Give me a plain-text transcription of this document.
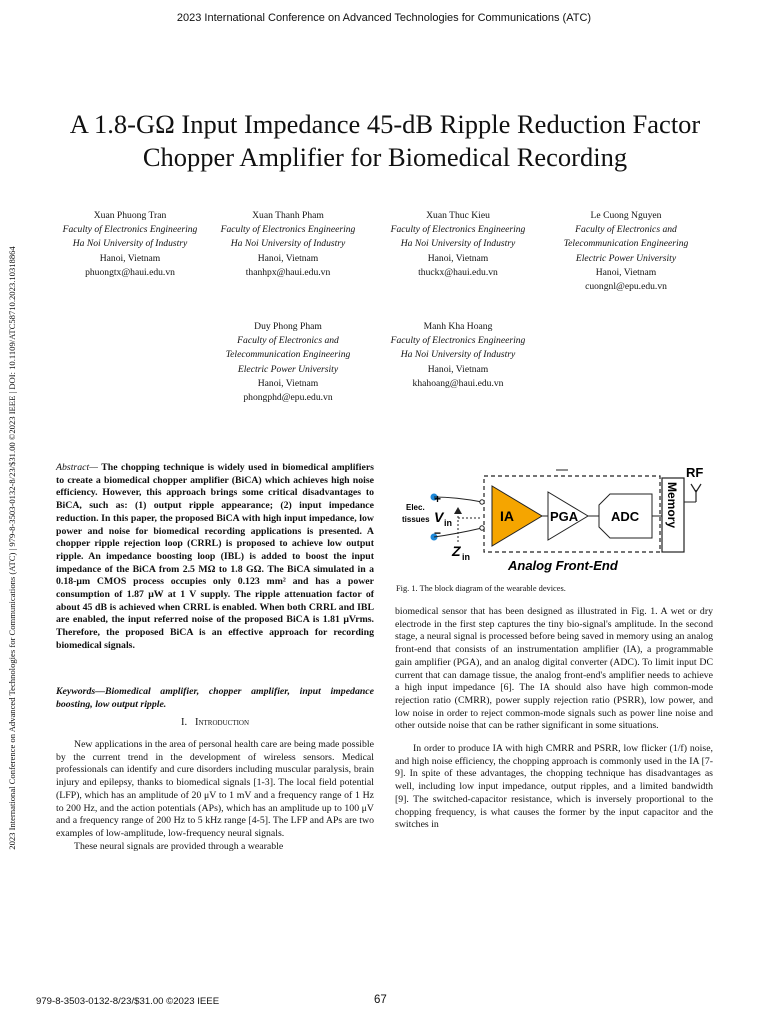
2023 International Conference on Advanced Technologies for Communications (ATC)
2023 International Conference on Advanced Technologies for Communications (ATC) | 979-8-3503-0132-8/23/$31.00 ©2023 IEEE | DOI: 10.1109/ATC58710.2023.10318864
A 1.8-GΩ Input Impedance 45-dB Ripple Reduction Factor Chopper Amplifier for Biomedical Recording
Xuan Phuong Tran
Faculty of Electronics Engineering
Ha Noi University of Industry
Hanoi, Vietnam
phuongtx@haui.edu.vn
Xuan Thanh Pham
Faculty of Electronics Engineering
Ha Noi University of Industry
Hanoi, Vietnam
thanhpx@haui.edu.vn
Xuan Thuc Kieu
Faculty of Electronics Engineering
Ha Noi University of Industry
Hanoi, Vietnam
thuckx@haui.edu.vn
Le Cuong Nguyen
Faculty of Electronics and Telecommunication Engineering
Electric Power University
Hanoi, Vietnam
cuongnl@epu.edu.vn
Duy Phong Pham
Faculty of Electronics and Telecommunication Engineering
Electric Power University
Hanoi, Vietnam
phongphd@epu.edu.vn
Manh Kha Hoang
Faculty of Electronics Engineering
Ha Noi University of Industry
Hanoi, Vietnam
khahoang@haui.edu.vn
Abstract— The chopping technique is widely used in biomedical amplifiers to create a biomedical chopper amplifier (BiCA) which achieves high noise efficiency. However, this approach brings some critical disadvantages to BiCA, such as: (1) output ripple appearance; (2) input impedance reduction. In this paper, the proposed BiCA with high input impedance, low power and noise for biomedical recording applications is presented. A chopper ripple rejection loop (CRRL) is proposed to achieve low output ripple. An impedance boosting loop (IBL) is added to boost the input impedance of the BiCA from 2.5 MΩ to 1.8 GΩ. The BiCA simulated in a 0.18-μm CMOS process occupies only 0.123 mm² and has a power consumption of 1.87 μW at 1 V supply. The ripple attenuation factor of about 45 dB is achieved when CRRL is enabled. When both CRRL and IBL are enabled, the input referred noise of the proposed BiCA is 1.81 μVrms. Therefore, the proposed BiCA is an effective approach for recording biomedical signals.
Keywords—Biomedical amplifier, chopper amplifier, input impedance boosting, low output ripple.
I. Introduction

New applications in the area of personal health care are being made possible by the current trend in the development of wireless sensors. Medical professionals can identify and cure disorders including muscular paralysis, brain injury and epilepsy, thanks to biomedical signals [1-3]. The local field potential (LFP), which has an amplitude of 20 μV to 1 mV and a frequency range of 1 Hz to 200 Hz, and the action potentials (APs), which has an amplitude up to 100 μV and a frequency range of 200 Hz to 5 kHz range [4-5]. The LFP and APs are two examples of low-amplitude, low-frequency neural signals.

These neural signals are provided through a wearable

RF
Elec.
tissues
+
−
V in
Z in
IA	PGA	ADC Memory
Analog Front-End
Fig. 1. The block diagram of the wearable devices.

biomedical sensor that has been designed as illustrated in Fig. 1. A wet or dry electrode in the first step captures the tiny bio-signal's amplitude. In the second stage, a neural signal is processed before being saved in memory using an analog front-end that consists of an instrumentation amplifier (IA), a programmable gain amplifier (PGA), and an analog digital converter (ADC). To limit input DC current that can damage tissue, the analog front-end's amplifier needs to achieve a high input impedance [6]. The IA should also have high common-mode rejection ratio (CMRR), power supply rejection ratio (PSRR), low power, and low noise in order to reject common-mode signals such as power line noise and other outside noise that can be rather significant in some situations.

In order to produce IA with high CMRR and PSRR, low flicker (1/f) noise, and high noise efficiency, the chopping approach is commonly used in the IA [7-9]. In spite of these advantages, the chopping technique has disadvantages as well, including low input impedance, output ripples, and a limited bandwidth [9]. The switched-capacitor resistance, which is inversely proportional to the chopping frequency, is what causes the former by the input capacitor and the switches in

979-8-3503-0132-8/23/$31.00 ©2023 IEEE	67
